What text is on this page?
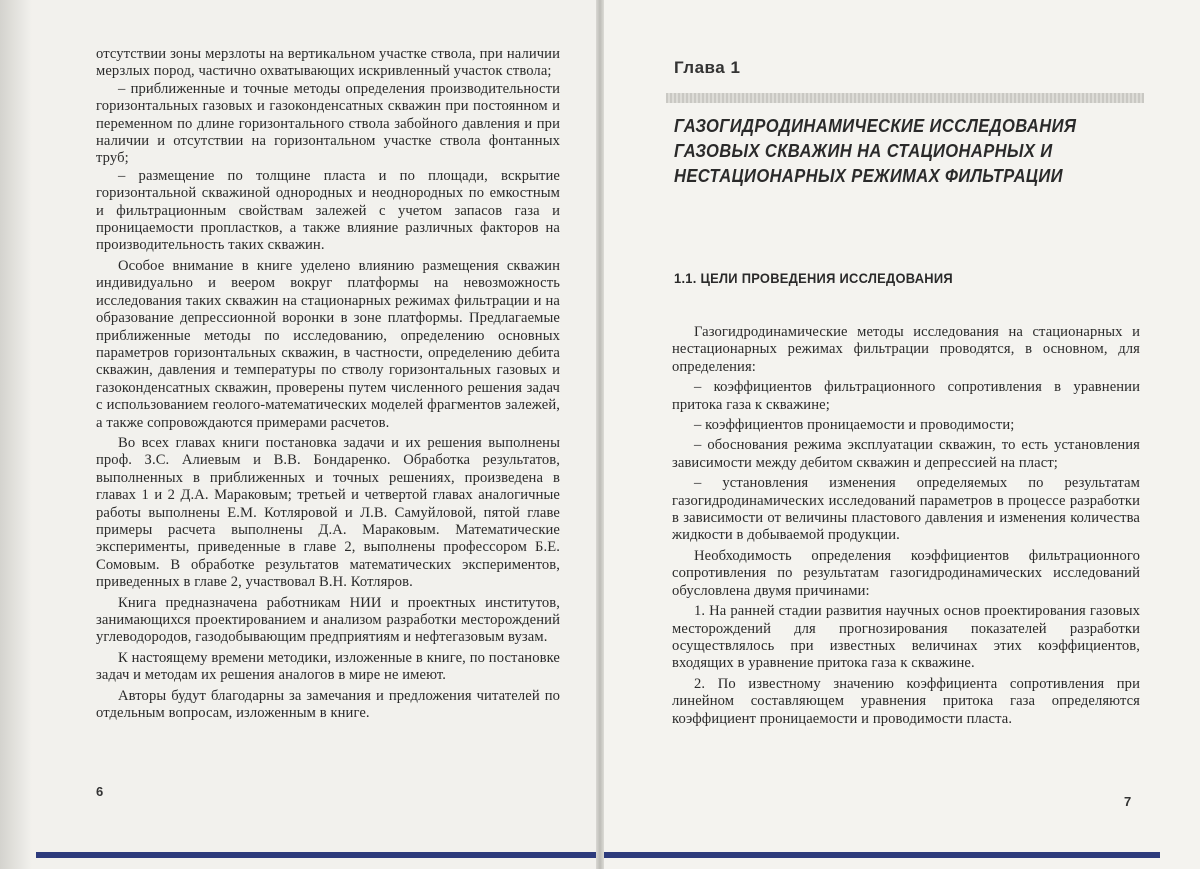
отсутствии зоны мерзлоты на вертикальном участке ствола, при наличии мерзлых пород, частично охватывающих искривленный участок ствола;

– приближенные и точные методы определения производительности горизонтальных газовых и газоконденсатных скважин при постоянном и переменном по длине горизонтального ствола забойного давления и при наличии и отсутствии на горизонтальном участке ствола фонтанных труб;

– размещение по толщине пласта и по площади, вскрытие горизонтальной скважиной однородных и неоднородных по емкостным и фильтрационным свойствам залежей с учетом запасов газа и проницаемости пропластков, а также влияние различных факторов на производительность таких скважин.

Особое внимание в книге уделено влиянию размещения скважин индивидуально и веером вокруг платформы на невозможность исследования таких скважин на стационарных режимах фильтрации и на образование депрессионной воронки в зоне платформы. Предлагаемые приближенные методы по исследованию, определению основных параметров горизонтальных скважин, в частности, определению дебита скважин, давления и температуры по стволу горизонтальных газовых и газоконденсатных скважин, проверены путем численного решения задач с использованием геолого-математических моделей фрагментов залежей, а также сопровождаются примерами расчетов.

Во всех главах книги постановка задачи и их решения выполнены проф. З.С. Алиевым и В.В. Бондаренко. Обработка результатов, выполненных в приближенных и точных решениях, произведена в главах 1 и 2 Д.А. Мараковым; третьей и четвертой главах аналогичные работы выполнены Е.М. Котляровой и Л.В. Самуйловой, пятой главе примеры расчета выполнены Д.А. Мараковым. Математические эксперименты, приведенные в главе 2, выполнены профессором Б.Е. Сомовым. В обработке результатов математических экспериментов, приведенных в главе 2, участвовал В.Н. Котляров.

Книга предназначена работникам НИИ и проектных институтов, занимающихся проектированием и анализом разработки месторождений углеводородов, газодобывающим предприятиям и нефтегазовым вузам.

К настоящему времени методики, изложенные в книге, по постановке задач и методам их решения аналогов в мире не имеют.

Авторы будут благодарны за замечания и предложения читателей по отдельным вопросам, изложенным в книге.

6
Глава 1
ГАЗОГИДРОДИНАМИЧЕСКИЕ ИССЛЕДОВАНИЯ ГАЗОВЫХ СКВАЖИН НА СТАЦИОНАРНЫХ И НЕСТАЦИОНАРНЫХ РЕЖИМАХ ФИЛЬТРАЦИИ
1.1. ЦЕЛИ ПРОВЕДЕНИЯ ИССЛЕДОВАНИЯ

Газогидродинамические методы исследования на стационарных и нестационарных режимах фильтрации проводятся, в основном, для определения:

– коэффициентов фильтрационного сопротивления в уравнении притока газа к скважине;

– коэффициентов проницаемости и проводимости;

– обоснования режима эксплуатации скважин, то есть установления зависимости между дебитом скважин и депрессией на пласт;

– установления изменения определяемых по результатам газогидродинамических исследований параметров в процессе разработки в зависимости от величины пластового давления и изменения количества жидкости в добываемой продукции.

Необходимость определения коэффициентов фильтрационного сопротивления по результатам газогидродинамических исследований обусловлена двумя причинами:

1. На ранней стадии развития научных основ проектирования газовых месторождений для прогнозирования показателей разработки осуществлялось при известных величинах этих коэффициентов, входящих в уравнение притока газа к скважине.

2. По известному значению коэффициента сопротивления при линейном составляющем уравнения притока газа определяются коэффициент проницаемости и проводимости пласта.

7
